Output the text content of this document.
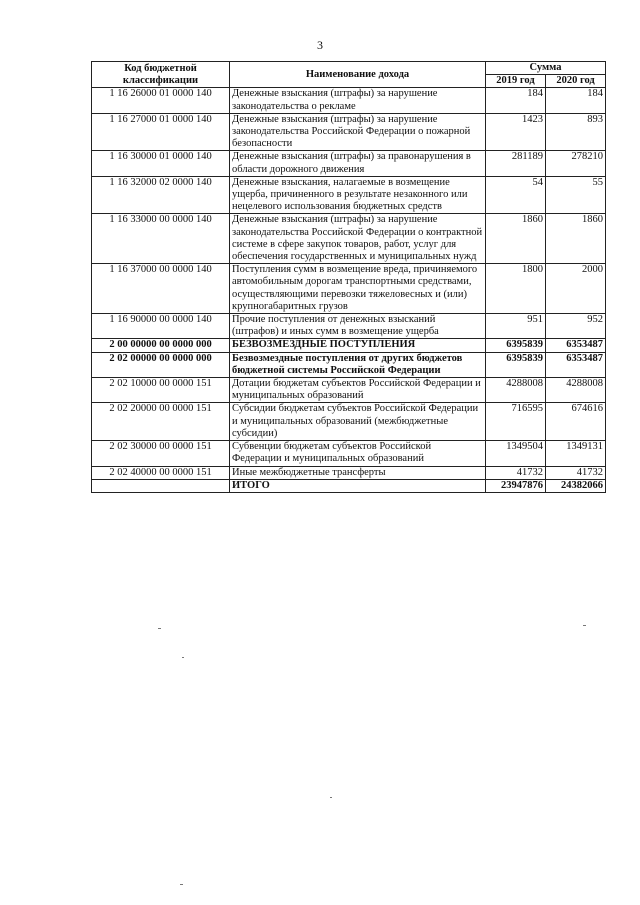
3
Код бюджетной классификации	Наименование дохода	Сумма	
		2019 год	2020 год
1 16 26000 01 0000 140	Денежные взыскания (штрафы) за нарушение законодательства о рекламе	184	184
1 16 27000 01 0000 140	Денежные взыскания (штрафы) за нарушение законодательства Российской Федерации о пожарной безопасности	1423	893
1 16 30000 01 0000 140	Денежные взыскания (штрафы) за правонарушения в области дорожного движения	281189	278210
1 16 32000 02 0000 140	Денежные взыскания, налагаемые в возмещение ущерба, причиненного в результате незаконного или нецелевого использования бюджетных средств	54	55
1 16 33000 00 0000 140	Денежные взыскания (штрафы) за нарушение законодательства Российской Федерации о контрактной системе в сфере закупок товаров, работ, услуг для обеспечения государственных и муниципальных нужд	1860	1860
1 16 37000 00 0000 140	Поступления сумм в возмещение вреда, причиняемого автомобильным дорогам транспортными средствами, осуществляющими перевозки тяжеловесных и (или) крупногабаритных грузов	1800	2000
1 16 90000 00 0000 140	Прочие поступления от денежных взысканий (штрафов) и иных сумм в возмещение ущерба	951	952
2 00 00000 00 0000 000	БЕЗВОЗМЕЗДНЫЕ ПОСТУПЛЕНИЯ	6395839	6353487
2 02 00000 00 0000 000	Безвозмездные поступления от других бюджетов бюджетной системы Российской Федерации	6395839	6353487
2 02 10000 00 0000 151	Дотации бюджетам субъектов Российской Федерации и муниципальных образований	4288008	4288008
2 02 20000 00 0000 151	Субсидии бюджетам субъектов Российской Федерации и муниципальных образований (межбюджетные субсидии)	716595	674616
2 02 30000 00 0000 151	Субвенции бюджетам субъектов Российской Федерации и муниципальных образований	1349504	1349131
2 02 40000 00 0000 151	Иные межбюджетные трансферты	41732	41732
	ИТОГО	23947876	24382066
